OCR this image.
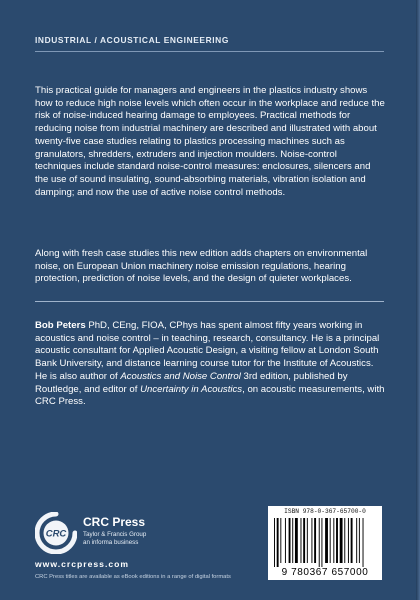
INDUSTRIAL / ACOUSTICAL ENGINEERING

This practical guide for managers and engineers in the plastics industry shows how to reduce high noise levels which often occur in the workplace and reduce the risk of noise-induced hearing damage to employees. Practical methods for reducing noise from industrial machinery are described and illustrated with about twenty-five case studies relating to plastics processing machines such as granulators, shredders, extruders and injection moulders. Noise-control techniques include standard noise-control measures: enclosures, silencers and the use of sound insulating, sound-absorbing materials, vibration isolation and damping; and now the use of active noise control methods.

Along with fresh case studies this new edition adds chapters on environmental noise, on European Union machinery noise emission regulations, hearing protection, prediction of noise levels, and the design of quieter workplaces.

Bob Peters PhD, CEng, FIOA, CPhys has spent almost fifty years working in acoustics and noise control – in teaching, research, consultancy. He is a principal acoustic consultant for Applied Acoustic Design, a visiting fellow at London South Bank University, and distance learning course tutor for the Institute of Acoustics. He is also author of Acoustics and Noise Control 3rd edition, published by Routledge, and editor of Uncertainty in Acoustics, on acoustic measurements, with CRC Press.

CRC
CRC Press
Taylor & Francis Group
an informa business
www.crcpress.com
CRC Press titles are available as eBook editions in a range of digital formats
ISBN 978-0-367-65700-0
9 780367 657000
